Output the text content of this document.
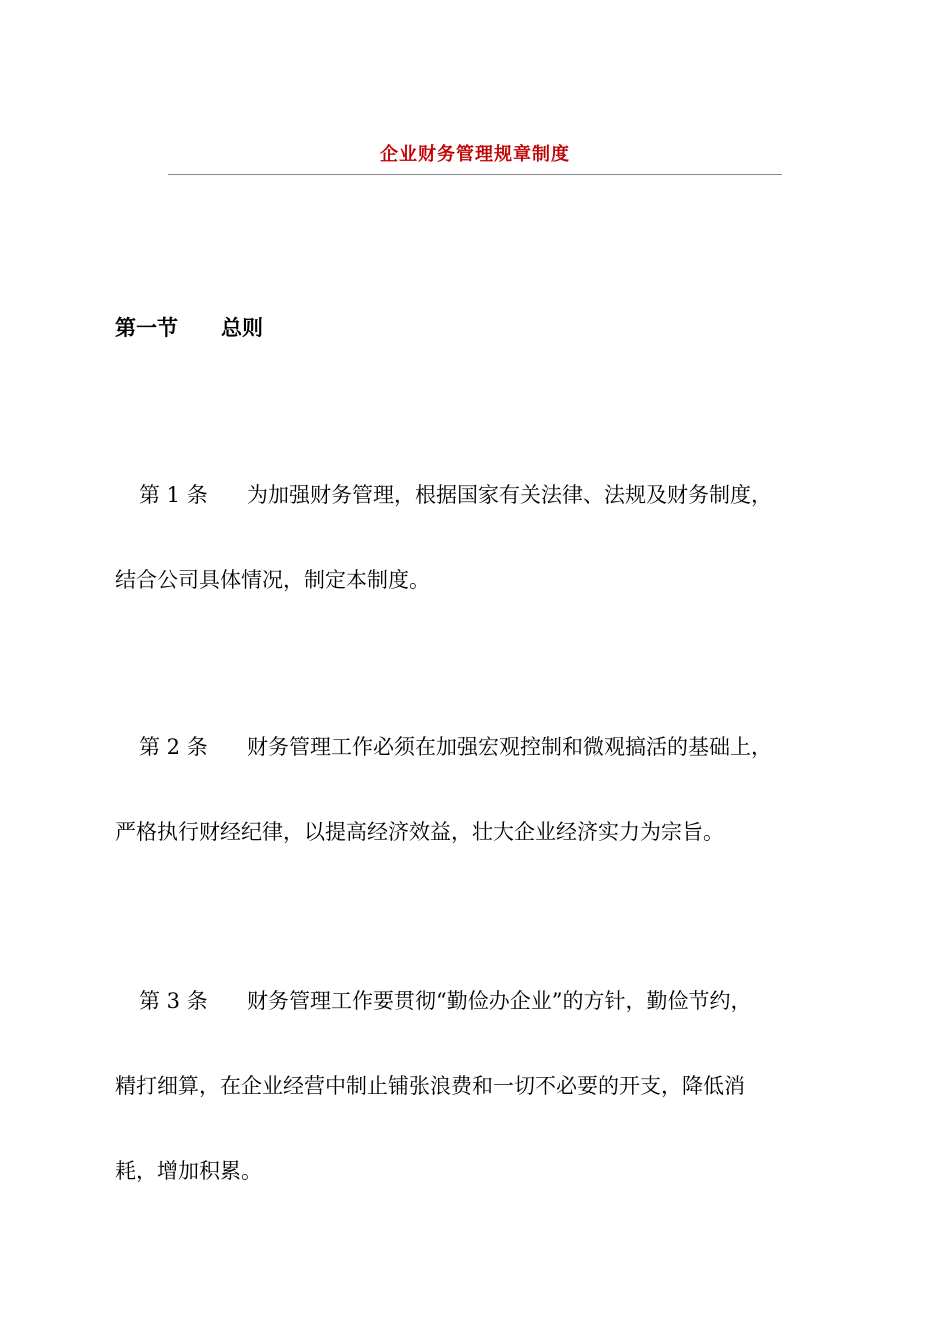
企业财务管理规章制度
第一节 总则
第 1 条 为加强财务管理，根据国家有关法律、法规及财务制度，
结合公司具体情况，制定本制度。
第 2 条 财务管理工作必须在加强宏观控制和微观搞活的基础上，
严格执行财经纪律，以提高经济效益，壮大企业经济实力为宗旨。
第 3 条 财务管理工作要贯彻“勤俭办企业”的方针，勤俭节约，
精打细算，在企业经营中制止铺张浪费和一切不必要的开支，降低消
耗，增加积累。
